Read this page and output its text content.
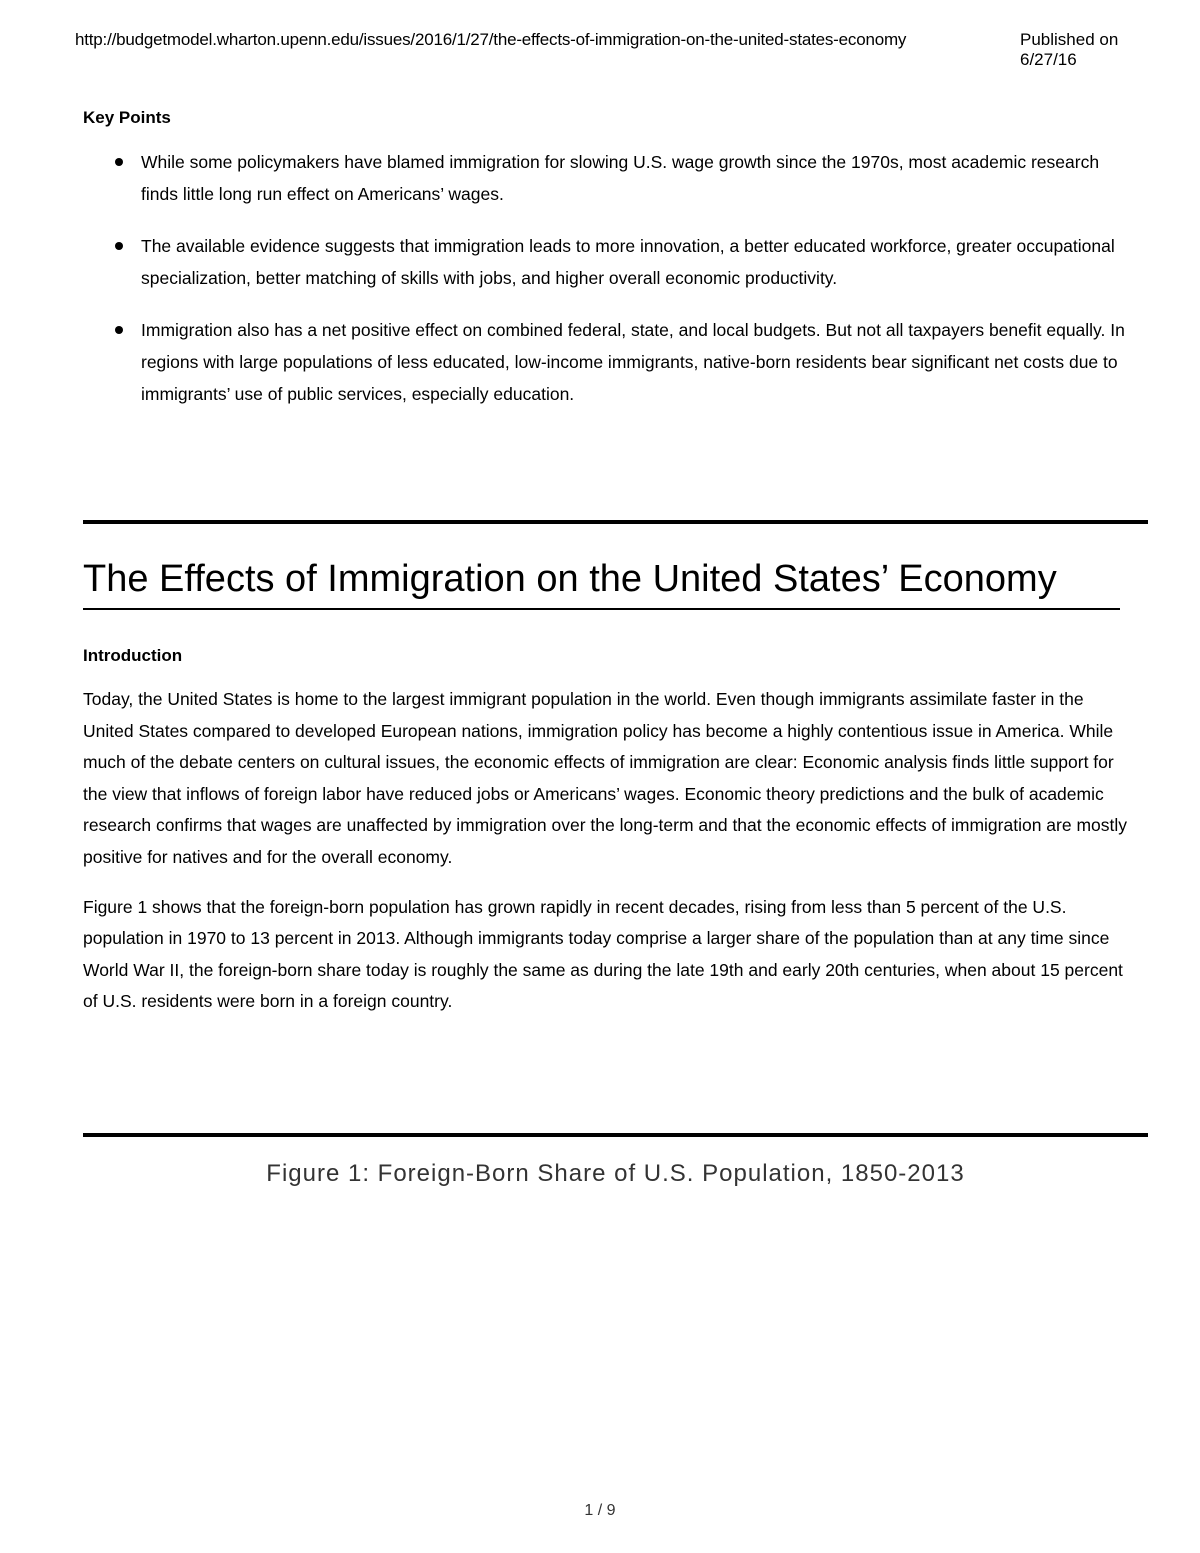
http://budgetmodel.wharton.upenn.edu/issues/2016/1/27/the-effects-of-immigration-on-the-united-states-economy	Published on 6/27/16
Key Points
While some policymakers have blamed immigration for slowing U.S. wage growth since the 1970s, most academic research finds little long run effect on Americans’ wages.
The available evidence suggests that immigration leads to more innovation, a better educated workforce, greater occupational specialization, better matching of skills with jobs, and higher overall economic productivity.
Immigration also has a net positive effect on combined federal, state, and local budgets. But not all taxpayers benefit equally. In regions with large populations of less educated, low-income immigrants, native-born residents bear significant net costs due to immigrants’ use of public services, especially education.
The Effects of Immigration on the United States’ Economy
Introduction

Today, the United States is home to the largest immigrant population in the world. Even though immigrants assimilate faster in the United States compared to developed European nations, immigration policy has become a highly contentious issue in America. While much of the debate centers on cultural issues, the economic effects of immigration are clear: Economic analysis finds little support for the view that inflows of foreign labor have reduced jobs or Americans’ wages. Economic theory predictions and the bulk of academic research confirms that wages are unaffected by immigration over the long-term and that the economic effects of immigration are mostly positive for natives and for the overall economy.

Figure 1 shows that the foreign-born population has grown rapidly in recent decades, rising from less than 5 percent of the U.S. population in 1970 to 13 percent in 2013. Although immigrants today comprise a larger share of the population than at any time since World War II, the foreign-born share today is roughly the same as during the late 19th and early 20th centuries, when about 15 percent of U.S. residents were born in a foreign country.

Figure 1: Foreign-Born Share of U.S. Population, 1850-2013
1 / 9
